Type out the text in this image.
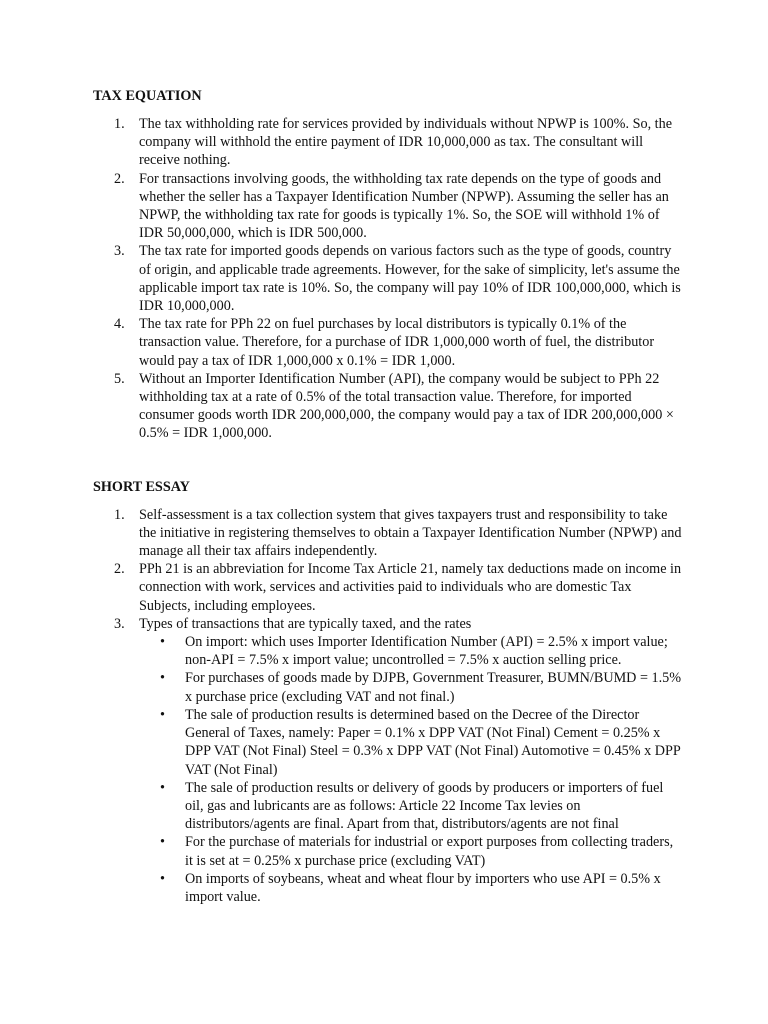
TAX EQUATION
1. The tax withholding rate for services provided by individuals without NPWP is 100%. So, the company will withhold the entire payment of IDR 10,000,000 as tax. The consultant will receive nothing.
2. For transactions involving goods, the withholding tax rate depends on the type of goods and whether the seller has a Taxpayer Identification Number (NPWP). Assuming the seller has an NPWP, the withholding tax rate for goods is typically 1%. So, the SOE will withhold 1% of IDR 50,000,000, which is IDR 500,000.
3. The tax rate for imported goods depends on various factors such as the type of goods, country of origin, and applicable trade agreements. However, for the sake of simplicity, let's assume the applicable import tax rate is 10%. So, the company will pay 10% of IDR 100,000,000, which is IDR 10,000,000.
4. The tax rate for PPh 22 on fuel purchases by local distributors is typically 0.1% of the transaction value. Therefore, for a purchase of IDR 1,000,000 worth of fuel, the distributor would pay a tax of IDR 1,000,000 x 0.1% = IDR 1,000.
5. Without an Importer Identification Number (API), the company would be subject to PPh 22 withholding tax at a rate of 0.5% of the total transaction value. Therefore, for imported consumer goods worth IDR 200,000,000, the company would pay a tax of IDR 200,000,000 × 0.5% = IDR 1,000,000.
SHORT ESSAY
1. Self-assessment is a tax collection system that gives taxpayers trust and responsibility to take the initiative in registering themselves to obtain a Taxpayer Identification Number (NPWP) and manage all their tax affairs independently.
2. PPh 21 is an abbreviation for Income Tax Article 21, namely tax deductions made on income in connection with work, services and activities paid to individuals who are domestic Tax Subjects, including employees.
3. Types of transactions that are typically taxed, and the rates
• On import: which uses Importer Identification Number (API) = 2.5% x import value; non-API = 7.5% x import value; uncontrolled = 7.5% x auction selling price.
• For purchases of goods made by DJPB, Government Treasurer, BUMN/BUMD = 1.5% x purchase price (excluding VAT and not final.)
• The sale of production results is determined based on the Decree of the Director General of Taxes, namely: Paper = 0.1% x DPP VAT (Not Final) Cement = 0.25% x DPP VAT (Not Final) Steel = 0.3% x DPP VAT (Not Final) Automotive = 0.45% x DPP VAT (Not Final)
• The sale of production results or delivery of goods by producers or importers of fuel oil, gas and lubricants are as follows: Article 22 Income Tax levies on distributors/agents are final. Apart from that, distributors/agents are not final
• For the purchase of materials for industrial or export purposes from collecting traders, it is set at = 0.25% x purchase price (excluding VAT)
• On imports of soybeans, wheat and wheat flour by importers who use API = 0.5% x import value.
